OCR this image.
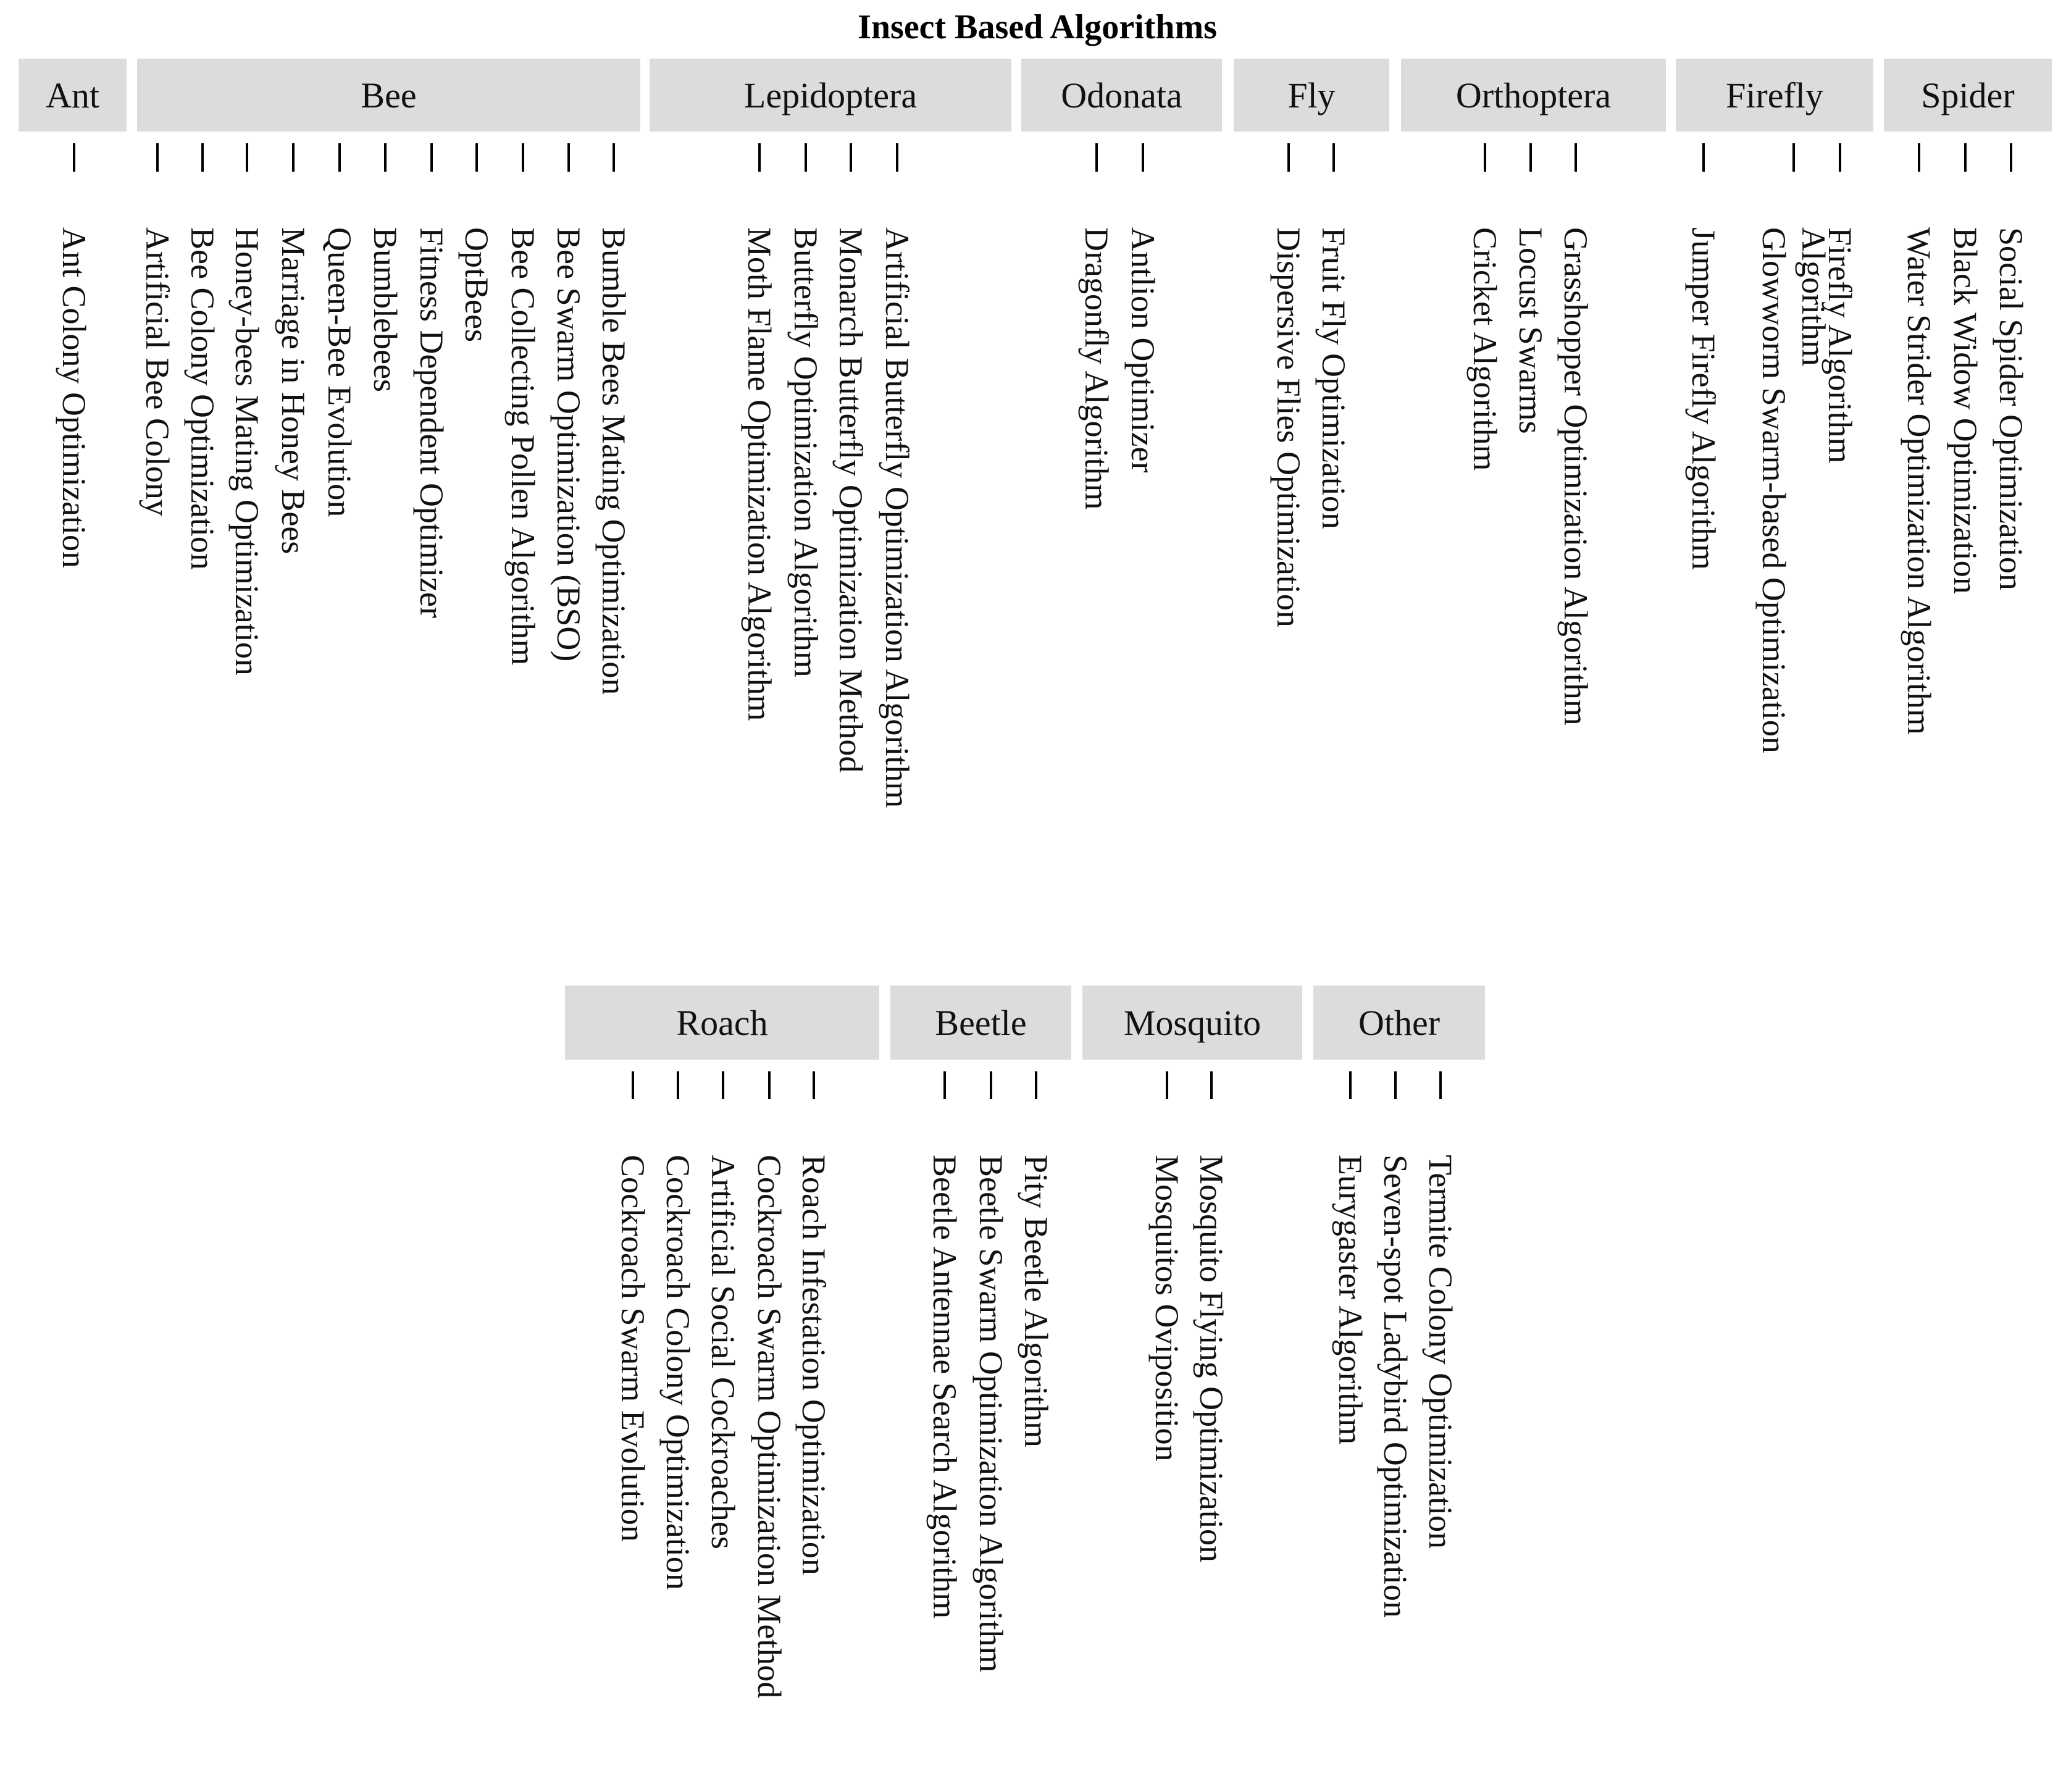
Insect Based Algorithms
Ant
Ant Colony Optimization
Bee
Artificial Bee Colony Bee Colony Optimization Honey-bees Mating Optimization Marriage in Honey Bees Queen-Bee Evolution Bumblebees Fitness Dependent Optimizer OptBees Bee Collecting Pollen Algorithm Bee Swarm Optimization (BSO) Bumble Bees Mating Optimization
Lepidoptera
Moth Flame Optimization Algorithm Butterfly Optimization Algorithm Monarch Butterfly Optimization Method Artificial Butterfly Optimization Algorithm
Odonata
Dragonfly Algorithm Antlion Optimizer
Fly
Dispersive Flies Optimization Fruit Fly Optimization
Orthoptera
Cricket Algorithm Locust Swarms Grasshopper Optimization Algorithm
Firefly
Jumper Firefly Algorithm Glowworm Swarm-based Optimization Algorithm
Firefly Algorithm
Spider
Water Strider Optimization Algorithm Black Widow Optimization Social Spider Optimization
Roach
Cockroach Swarm Evolution Cockroach Colony Optimization Artificial Social Cockroaches Cockroach Swarm Optimization Method Roach Infestation Optimization
Beetle
Beetle Antennae Search Algorithm Beetle Swarm Optimization Algorithm Pity Beetle Algorithm
Mosquito
Mosquitos Oviposition Mosquito Flying Optimization
Other
Eurygaster Algorithm Seven-spot Ladybird Optimization Termite Colony Optimization
